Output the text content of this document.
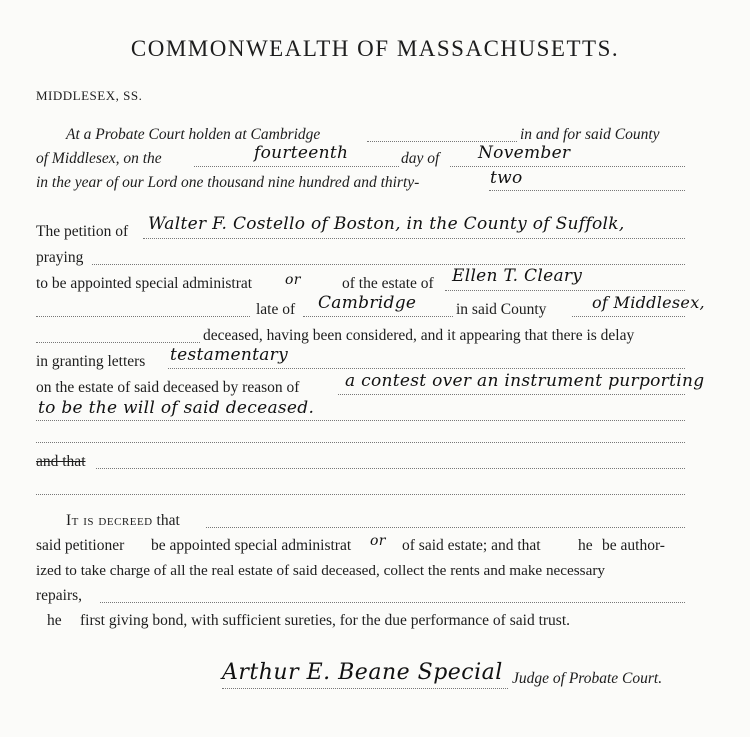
COMMONWEALTH OF MASSACHUSETTS.
MIDDLESEX, SS.
At a Probate Court holden at Cambridge	in and for said County
of Middlesex, on the	fourteenth	day of November
in the year of our Lord one thousand nine hundred and thirty-	two
The petition of Walter F. Costello of Boston, in the County of Suffolk,
praying
to be appointed special administrat or	of the estate of Ellen T. Cleary
late of Cambridge	in said County	of Middlesex,
deceased, having been considered, and it appearing that there is delay
in granting letters testamentary
on the estate of said deceased by reason of	a contest over an instrument purporting
to be the will of said deceased.
and that
It is decreed that
said petitioner be appointed special administrat or of said estate; and that he be author-
ized to take charge of all the real estate of said deceased, collect the rents and make necessary
repairs,
he first giving bond, with sufficient sureties, for the due performance of said trust.
Arthur E. Beane Special Judge of Probate Court.
